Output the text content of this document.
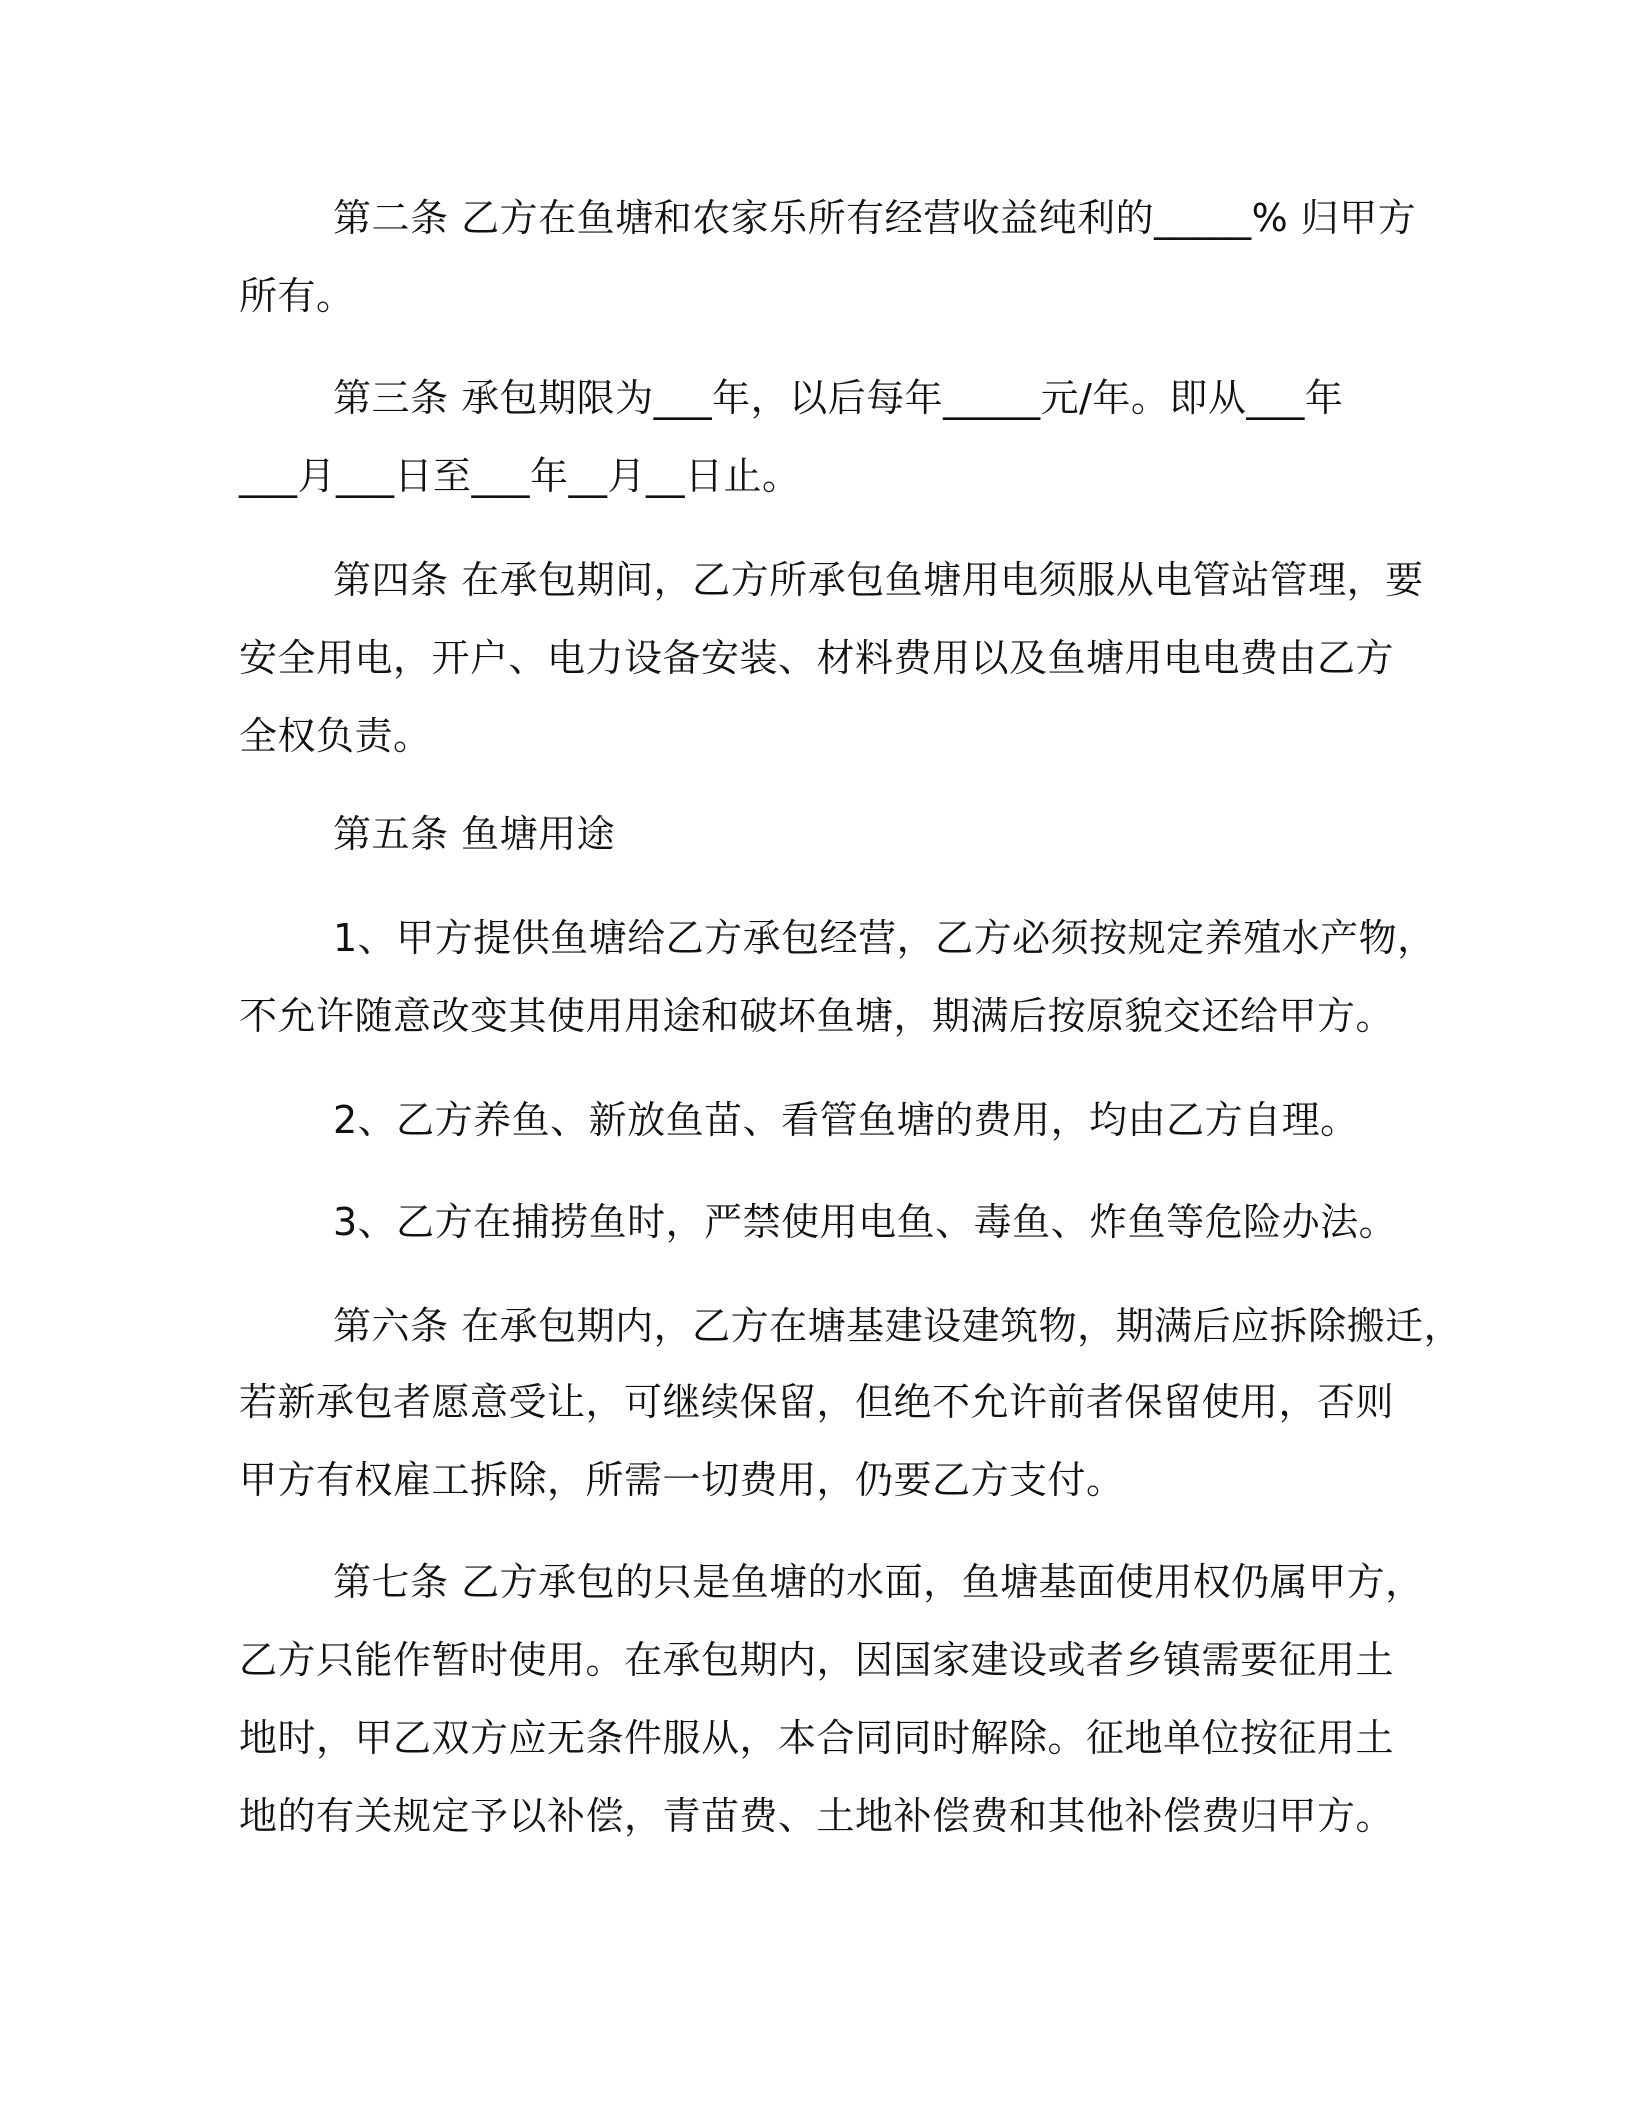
第二条 乙方在鱼塘和农家乐所有经营收益纯利的_____% 归甲方
所有。
第三条 承包期限为___年，以后每年_____元/年。即从___年
___月___日至___年__月__日止。
第四条 在承包期间，乙方所承包鱼塘用电须服从电管站管理，要
安全用电，开户、电力设备安装、材料费用以及鱼塘用电电费由乙方
全权负责。
第五条 鱼塘用途
1、甲方提供鱼塘给乙方承包经营，乙方必须按规定养殖水产物，
不允许随意改变其使用用途和破坏鱼塘，期满后按原貌交还给甲方。
2、乙方养鱼、新放鱼苗、看管鱼塘的费用，均由乙方自理。
3、乙方在捕捞鱼时，严禁使用电鱼、毒鱼、炸鱼等危险办法。
第六条 在承包期内，乙方在塘基建设建筑物，期满后应拆除搬迁，
若新承包者愿意受让，可继续保留，但绝不允许前者保留使用，否则
甲方有权雇工拆除，所需一切费用，仍要乙方支付。
第七条 乙方承包的只是鱼塘的水面，鱼塘基面使用权仍属甲方，
乙方只能作暂时使用。在承包期内，因国家建设或者乡镇需要征用土
地时，甲乙双方应无条件服从，本合同同时解除。征地单位按征用土
地的有关规定予以补偿，青苗费、土地补偿费和其他补偿费归甲方。
